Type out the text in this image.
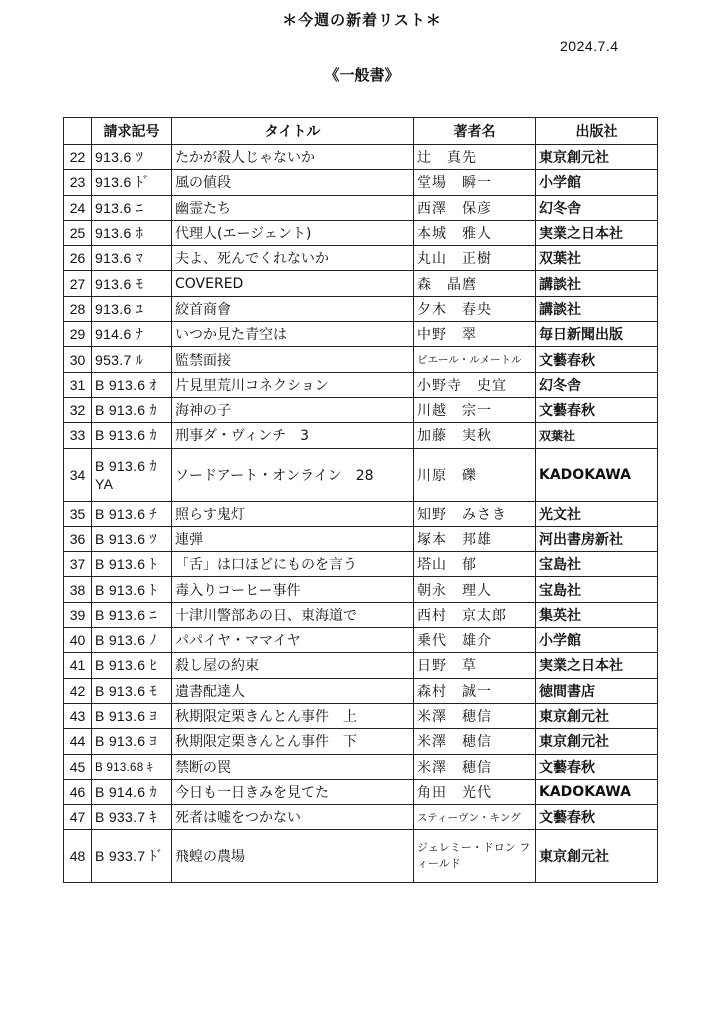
＊今週の新着リスト＊
2024.7.4
《一般書》
	請求記号	タイトル	著者名	出版社
22	913.6 ﾂ	たかが殺人じゃないか	辻　真先	東京創元社
23	913.6 ﾄﾞ	風の値段	堂場　瞬一	小学館
24	913.6 ﾆ	幽霊たち	西澤　保彦	幻冬舎
25	913.6 ﾎ	代理人(エージェント)	本城　雅人	実業之日本社
26	913.6 ﾏ	夫よ、死んでくれないか	丸山　正樹	双葉社
27	913.6 ﾓ	COVERED	森　晶麿	講談社
28	913.6 ﾕ	絞首商會	夕木　春央	講談社
29	914.6 ﾅ	いつか見た青空は	中野　翠	毎日新聞出版
30	953.7 ﾙ	監禁面接	ピエール・ルメートル	文藝春秋
31	B 913.6 ｵ	片見里荒川コネクション	小野寺　史宜	幻冬舎
32	B 913.6 ｶ	海神の子	川越　宗一	文藝春秋
33	B 913.6 ｶ	刑事ダ・ヴィンチ　3	加藤　実秋	双葉社
34	B 913.6 ｶ YA	ソードアート・オンライン　28	川原　礫	KADOKAWA
35	B 913.6 ﾁ	照らす鬼灯	知野　みさき	光文社
36	B 913.6 ﾂ	連弾	塚本　邦雄	河出書房新社
37	B 913.6 ﾄ	「舌」は口ほどにものを言う	塔山　郁	宝島社
38	B 913.6 ﾄ	毒入りコーヒー事件	朝永　理人	宝島社
39	B 913.6 ﾆ	十津川警部あの日、東海道で	西村　京太郎	集英社
40	B 913.6 ﾉ	パパイヤ・ママイヤ	乗代　雄介	小学館
41	B 913.6 ﾋ	殺し屋の約束	日野　草	実業之日本社
42	B 913.6 ﾓ	遺書配達人	森村　誠一	徳間書店
43	B 913.6 ﾖ	秋期限定栗きんとん事件　上	米澤　穂信	東京創元社
44	B 913.6 ﾖ	秋期限定栗きんとん事件　下	米澤　穂信	東京創元社
45	B 913.68 ｷ	禁断の罠	米澤　穂信	文藝春秋
46	B 914.6 ｶ	今日も一日きみを見てた	角田　光代	KADOKAWA
47	B 933.7 ｷ	死者は嘘をつかない	スティーヴン・キング	文藝春秋
48	B 933.7 ﾄﾞ	飛蝗の農場	ジェレミー・ドロン フィールド	東京創元社
